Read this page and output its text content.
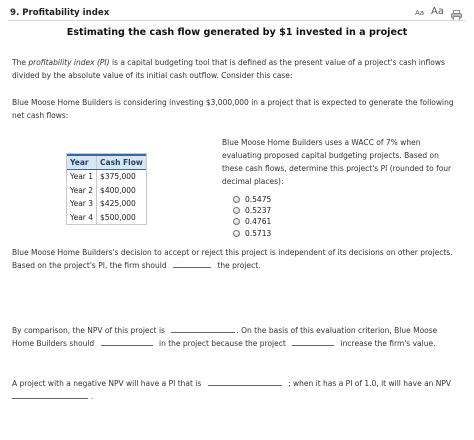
9. Profitability index	Aa Aa
Estimating the cash flow generated by $1 invested in a project
The profitability index (PI) is a capital budgeting tool that is defined as the present value of a project's cash inflows divided by the absolute value of its initial cash outflow. Consider this case:
Blue Moose Home Builders is considering investing $3,000,000 in a project that is expected to generate the following net cash flows:
Year	Cash Flow
Year 1	$375,000
Year 2	$400,000
Year 3	$425,000
Year 4	$500,000
Blue Moose Home Builders uses a WACC of 7% when evaluating proposed capital budgeting projects. Based on these cash flows, determine this project's PI (rounded to four decimal places):
0.5475
0.5237
0.4761
0.5713
Blue Moose Home Builders's decision to accept or reject this project is independent of its decisions on other projects. Based on the project's PI, the firm should	the project.
By comparison, the NPV of this project is	. On the basis of this evaluation criterion, Blue Moose
Home Builders should	in the project because the project	increase the firm's value.
A project with a negative NPV will have a PI that is	; when it has a PI of 1.0, it will have an NPV
.
